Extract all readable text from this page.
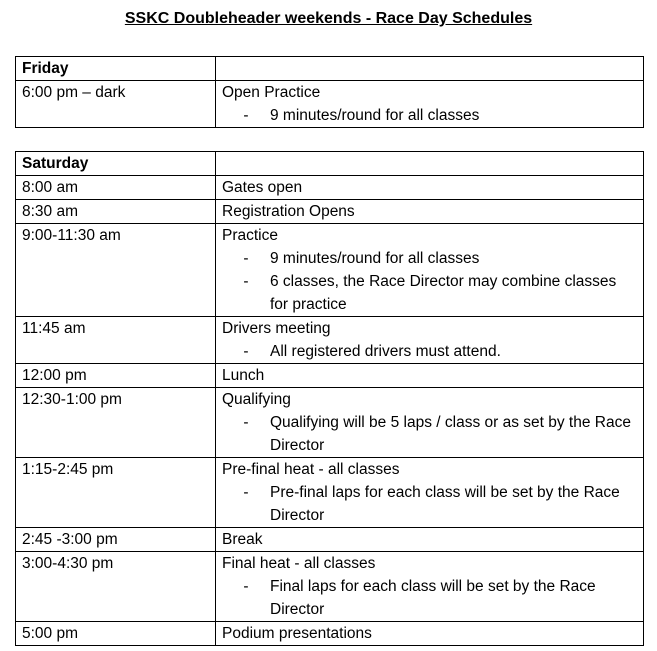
SSKC Doubleheader weekends - Race Day Schedules
Friday	
6:00 pm – dark	Open Practice
- 9 minutes/round for all classes
Saturday	
8:00 am	Gates open

8:30 am	Registration Opens

9:00-11:30 am	Practice
- 9 minutes/round for all classes
- 6 classes, the Race Director may combine classes for practice

11:45 am	Drivers meeting
- All registered drivers must attend.

12:00 pm	Lunch

12:30-1:00 pm	Qualifying
- Qualifying will be 5 laps / class or as set by the Race Director

1:15-2:45 pm	Pre-final heat - all classes
- Pre-final laps for each class will be set by the Race Director

2:45 -3:00 pm	Break

3:00-4:30 pm	Final heat - all classes
- Final laps for each class will be set by the Race Director

5:00 pm	Podium presentations
